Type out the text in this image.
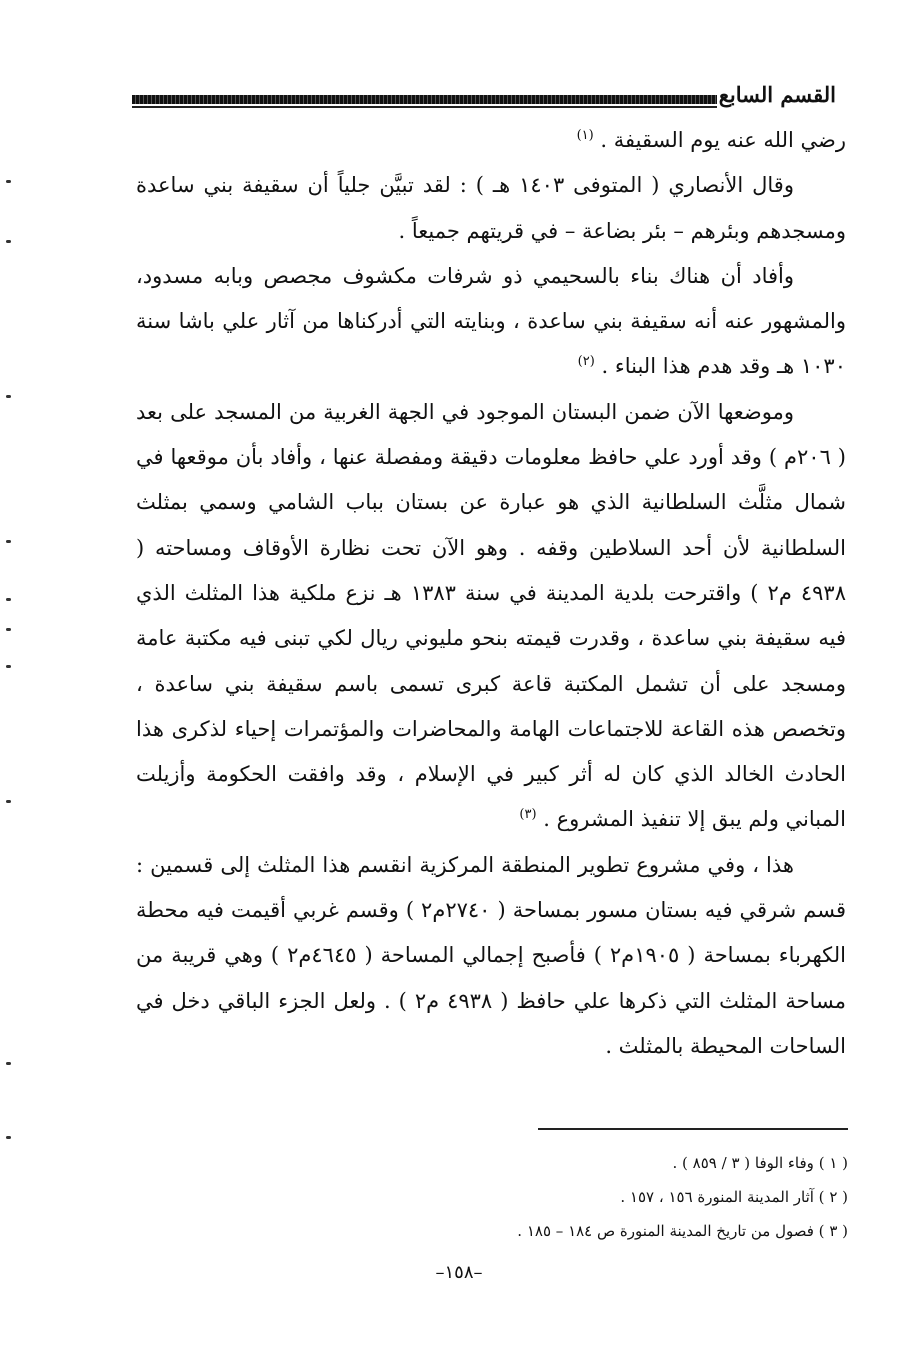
القسم السابع

رضي الله عنه يوم السقيفة . $^{(١)}$

وقال الأنصاري ( المتوفى ١٤٠٣ هـ ) : لقد تبيَّن جلياً أن سقيفة بني ساعدة ومسجدهم وبئرهم – بئر بضاعة – في قريتهم جميعاً .

وأفاد أن هناك بناء بالسحيمي ذو شرفات مكشوف مجصص وبابه مسدود، والمشهور عنه أنه سقيفة بني ساعدة ، وبنايته التي أدركناها من آثار علي باشا سنة ١٠٣٠ هـ وقد هدم هذا البناء . $^{(٢)}$

وموضعها الآن ضمن البستان الموجود في الجهة الغربية من المسجد على بعد ( ٢٠٦م ) وقد أورد علي حافظ معلومات دقيقة ومفصلة عنها ، وأفاد بأن موقعها في شمال مثلَّث السلطانية الذي هو عبارة عن بستان بباب الشامي وسمي بمثلث السلطانية لأن أحد السلاطين وقفه . وهو الآن تحت نظارة الأوقاف ومساحته ( ٤٩٣٨ م٢ ) واقترحت بلدية المدينة في سنة ١٣٨٣ هـ نزع ملكية هذا المثلث الذي فيه سقيفة بني ساعدة ، وقدرت قيمته بنحو مليوني ريال لكي تبنى فيه مكتبة عامة ومسجد على أن تشمل المكتبة قاعة كبرى تسمى باسم سقيفة بني ساعدة ، وتخصص هذه القاعة للاجتماعات الهامة والمحاضرات والمؤتمرات إحياء لذكرى هذا الحادث الخالد الذي كان له أثر كبير في الإسلام ، وقد وافقت الحكومة وأزيلت المباني ولم يبق إلا تنفيذ المشروع . $^{(٣)}$

هذا ، وفي مشروع تطوير المنطقة المركزية انقسم هذا المثلث إلى قسمين : قسم شرقي فيه بستان مسور بمساحة ( ٢٧٤٠م٢ ) وقسم غربي أقيمت فيه محطة الكهرباء بمساحة ( ١٩٠٥م٢ ) فأصبح إجمالي المساحة ( ٤٦٤٥م٢ ) وهي قريبة من مساحة المثلث التي ذكرها علي حافظ ( ٤٩٣٨ م٢ ) . ولعل الجزء الباقي دخل في الساحات المحيطة بالمثلث .

( ١ ) وفاء الوفا ( ٣ / ٨٥٩ ) .
( ٢ ) آثار المدينة المنورة ١٥٦ ، ١٥٧ .
( ٣ ) فصول من تاريخ المدينة المنورة ص ١٨٤ – ١٨٥ .
–١٥٨–
